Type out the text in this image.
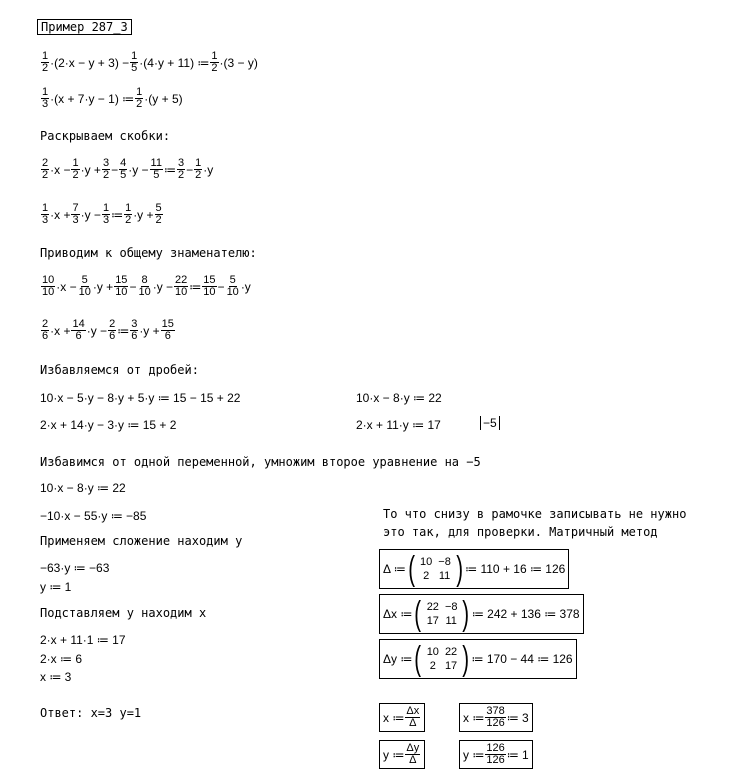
Пример 287_3
1
$2 \cdot(2\cdot x - y + 3) - \frac{1}{5} \cdot(4\cdot y + 11)$ ≔ 1
2 ·(3 − y)
1
3 ·(x + 7·y − 1) ≔ 1
2 ·(y + 5)
Раскрываем скобки:
2
$2 \cdot x - \frac{1}{2} \cdot y + \frac{3}{2} - \frac{4}{5} \cdot y - \frac{11}{5}$ ≔ 3
$2 - \frac{1}{2} \cdot y$
1
$3 \cdot x + \frac{7}{3} \cdot y - \frac{1}{3}$ ≔ 1
$2 \cdot y + \frac{5}{2}$
Приводим к общему знаменателю:
10
$10 \cdot x - \frac{5}{10} \cdot y + \frac{15}{10} - \frac{8}{10} \cdot y - \frac{22}{10}$ ≔ 15
$10 - \frac{5}{10} \cdot y$
2
$6 \cdot x + \frac{14}{6} \cdot y - \frac{2}{6}$ ≔ 3
$6 \cdot y + \frac{15}{6}$
Избавляемся от дробей:
10·x − 5·y − 8·y + 5·y ≔ 15 − 15 + 22	10·x − 8·y ≔ 22
2·x + 14·y − 3·y ≔ 15 + 2	2·x + 11·y ≔ 17	−5
Избавимся от одной переменной, умножим второе уравнение на −5
10·x − 8·y ≔ 22
−10·x − 55·y ≔ −85
Применяем сложение находим y
−63·y ≔ −63
y ≔ 1
Подставляем y находим x
2·x + 11·1 ≔ 17
2·x ≔ 6
x ≔ 3
Ответ: x=3 y=1
То что снизу в рамочке записывать не нужно
это так, для проверки. Матричный метод
Δ ≔ ( 10	−8
2	11 ) ≔ 110 + 16 ≔ 126
Δx ≔ ( 22	−8
17	11 ) ≔ 242 + 136 ≔ 378
Δy ≔ ( 10	22
2	17 ) ≔ 170 − 44 ≔ 126
x ≔ Δx
Δ
y ≔ Δy
Δ
x ≔ 378
126 ≔ 3
y ≔ 126
126 ≔ 1
